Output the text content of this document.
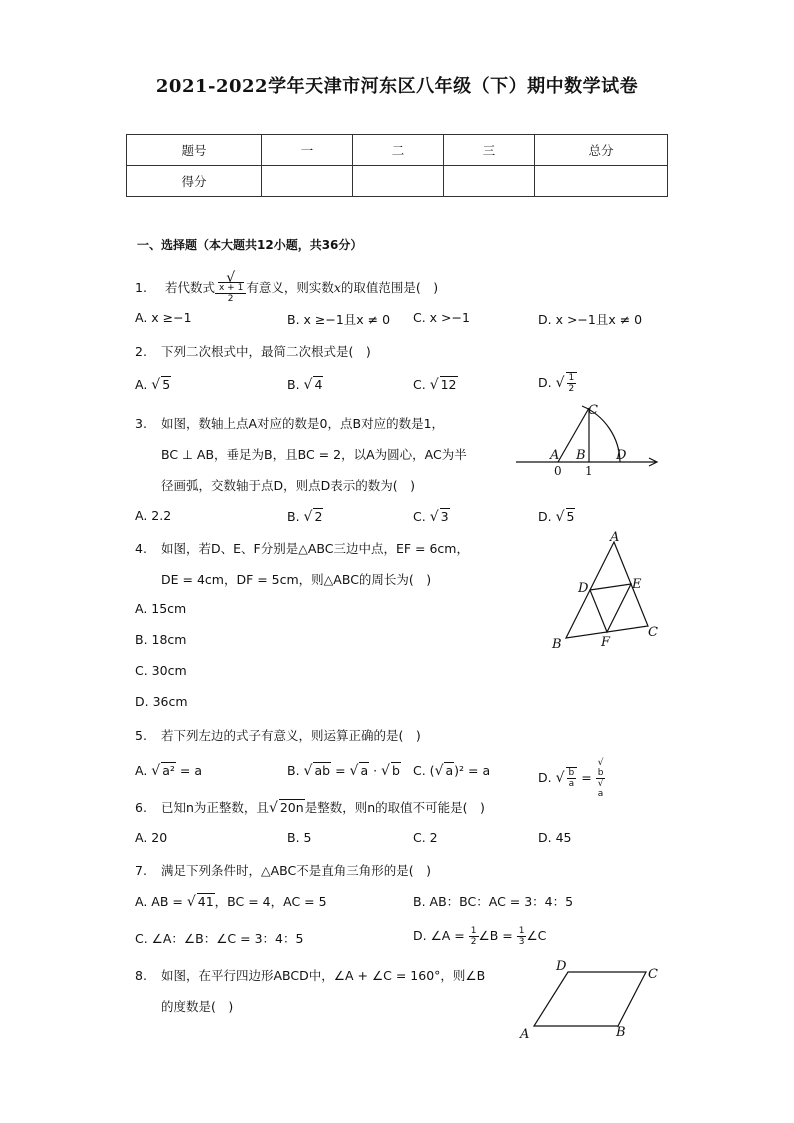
2021-2022学年天津市河东区八年级（下）期中数学试卷
题号	一	二	三	总分
得分				
一、选择题（本大题共12小题，共36分）
1. 若代数式 √
x + 1
2 有意义，则实数x的取值范围是(　)
A. x ≥−1	B. x ≥−1且x ≠ 0 C. x >−1	D. x >−1且x ≠ 0
2. 下列二次根式中，最简二次根式是(　)
A. √ 5	B. √ 4	C. √ 12	D. √ $\frac{1}{2}$
3. 如图，数轴上点A对应的数是0，点B对应的数是1，
BC ⊥ AB，垂足为B，且BC = 2，以A为圆心，AC为半
径画弧，交数轴于点D，则点D表示的数为(　)
A B
C
D
0 1
A. 2.2	B. √ 2	C. √ 3	D. √ 5
4. 如图，若D、E、F分别是△ABC三边中点，EF = 6cm，
DE = 4cm，DF = 5cm，则△ABC的周长为(　)
A. 15cm
B. 18cm
C. 30cm
D. 36cm
A
B
C
D	E
F
5. 若下列左边的式子有意义，则运算正确的是(　)
A. √ a² = a	B. √ ab = √ a · √ b C. (√ a)² = a	D. √ $\frac{b}{a}$ = √
b
√
a
6. 已知n为正整数，且√ 20n是整数，则n的取值不可能是(　)
A. 20	B. 5	C. 2	D. 45
7. 满足下列条件时，△ABC不是直角三角形的是(　)
A. AB = √ 41，BC = 4，AC = 5	B. AB：BC：AC = 3：4：5
C. ∠A：∠B：∠C = 3：4：5	D. ∠A = $\frac{1}{2}$ ∠B = $\frac{1}{3}$ ∠C
8. 如图，在平行四边形ABCD中，∠A + ∠C = 160°，则∠B
的度数是(　)
A	B
C
D
